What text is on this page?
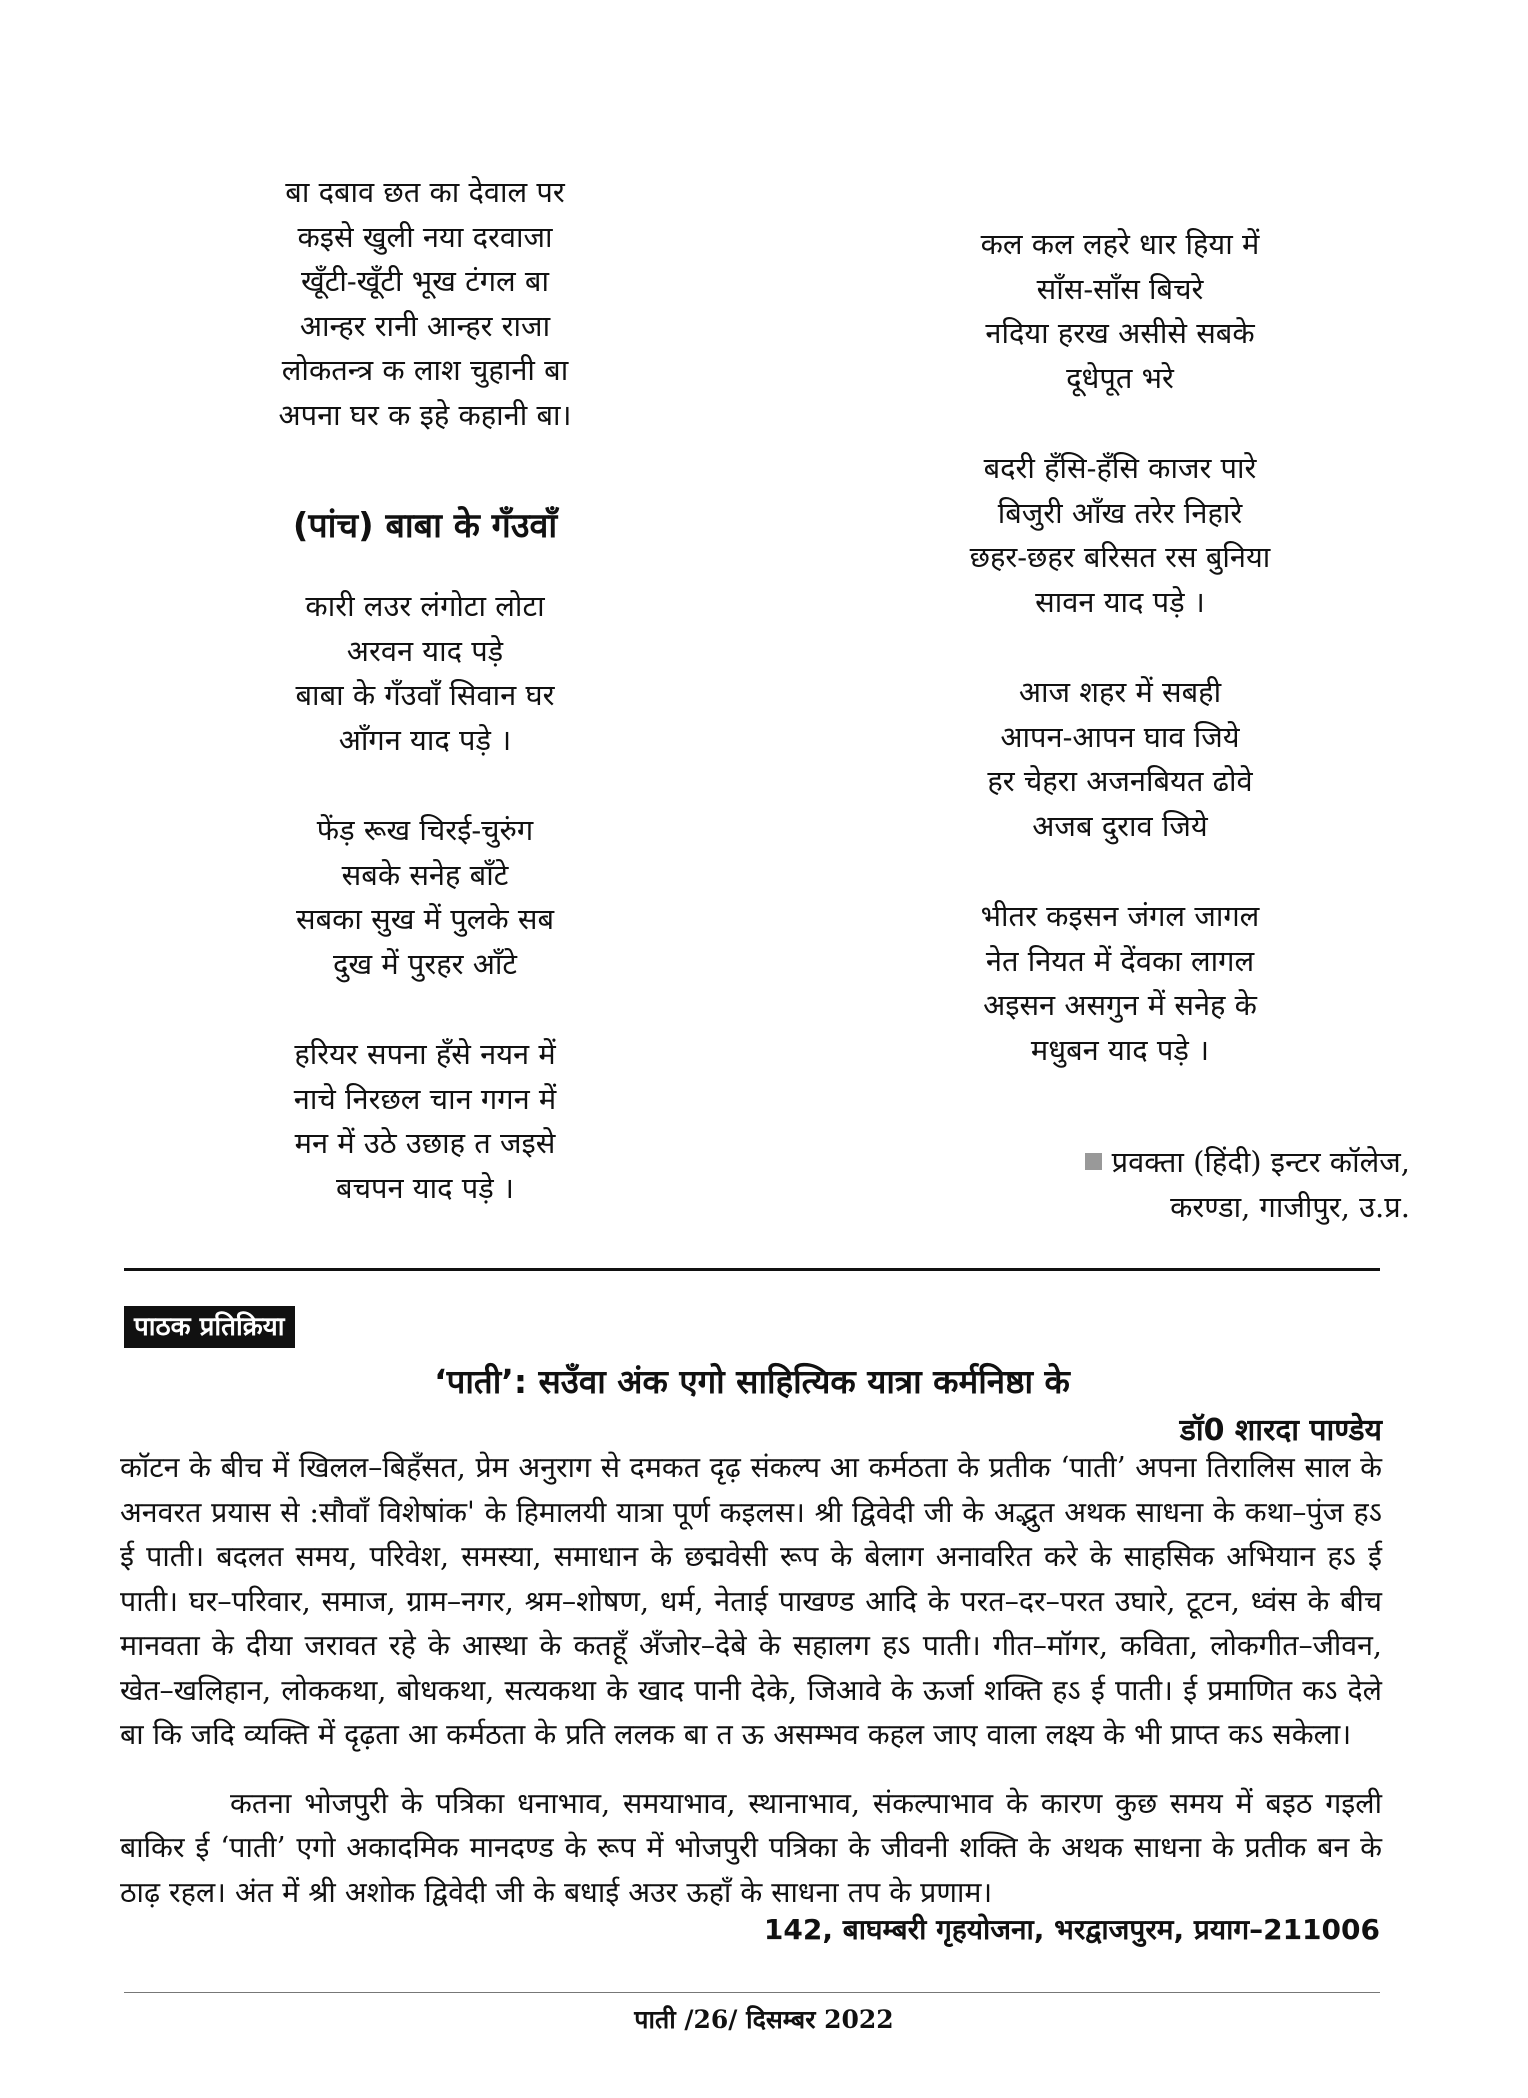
बा दबाव छत का देवाल पर

कइसे खुली नया दरवाजा

खूँटी-खूँटी भूख टंगल बा

आन्हर रानी आन्हर राजा

लोकतन्त्र क लाश चुहानी बा

अपना घर क इहे कहानी बा।

(पांच) बाबा के गँउवाँ

कारी लउर लंगोटा लोटा

अरवन याद पड़े

बाबा के गँउवाँ सिवान घर

आँगन याद पड़े ।

फेंड़ रूख चिरई-चुरुंग

सबके सनेह बाँटे

सबका सुख में पुलके सब

दुख में पुरहर आँटे

हरियर सपना हँसे नयन में

नाचे निरछल चान गगन में

मन में उठे उछाह त जइसे

बचपन याद पड़े ।

कल कल लहरे धार हिया में

साँस-साँस बिचरे

नदिया हरख असीसे सबके

दूधेपूत भरे

बदरी हँसि-हँसि काजर पारे

बिजुरी आँख तरेर निहारे

छहर-छहर बरिसत रस बुनिया

सावन याद पड़े ।

आज शहर में सबही

आपन-आपन घाव जिये

हर चेहरा अजनबियत ढोवे

अजब दुराव जिये

भीतर कइसन जंगल जागल

नेत नियत में देंवका लागल

अइसन असगुन में सनेह के

मधुबन याद पड़े ।

प्रवक्ता (हिंदी) इन्टर कॉलेज,
करण्डा, गाजीपुर, उ.प्र.
पाठक प्रतिक्रिया
‘पाती’: सउँवा अंक एगो साहित्यिक यात्रा कर्मनिष्ठा के
डॉ0 शारदा पाण्डेय

कॉटन के बीच में खिलल–बिहँसत, प्रेम अनुराग से दमकत दृढ़ संकल्प आ कर्मठता के प्रतीक ‘पाती’ अपना तिरालिस साल के अनवरत प्रयास से :सौवाँ विशेषांक' के हिमालयी यात्रा पूर्ण कइलस। श्री द्विवेदी जी के अद्भुत अथक साधना के कथा–पुंज हऽ ई पाती। बदलत समय, परिवेश, समस्या, समाधान के छद्मवेसी रूप के बेलाग अनावरित करे के साहसिक अभियान हऽ ई पाती। घर–परिवार, समाज, ग्राम–नगर, श्रम–शोषण, धर्म, नेताई पाखण्ड आदि के परत–दर–परत उघारे, टूटन, ध्वंस के बीच मानवता के दीया जरावत रहे के आस्था के कतहूँ अँजोर–देबे के सहालग हऽ पाती। गीत–मॉगर, कविता, लोकगीत–जीवन, खेत–खलिहान, लोककथा, बोधकथा, सत्यकथा के खाद पानी देके, जिआवे के ऊर्जा शक्ति हऽ ई पाती। ई प्रमाणित कऽ देले बा कि जदि व्यक्ति में दृढ़ता आ कर्मठता के प्रति ललक बा त ऊ असम्भव कहल जाए वाला लक्ष्य के भी प्राप्त कऽ सकेला।

कतना भोजपुरी के पत्रिका धनाभाव, समयाभाव, स्थानाभाव, संकल्पाभाव के कारण कुछ समय में बइठ गइली बाकिर ई ‘पाती’ एगो अकादमिक मानदण्ड के रूप में भोजपुरी पत्रिका के जीवनी शक्ति के अथक साधना के प्रतीक बन के ठाढ़ रहल। अंत में श्री अशोक द्विवेदी जी के बधाई अउर ऊहाँ के साधना तप के प्रणाम।

142, बाघम्बरी गृहयोजना, भरद्वाजपुरम, प्रयाग–211006
पाती /26/ दिसम्बर 2022
